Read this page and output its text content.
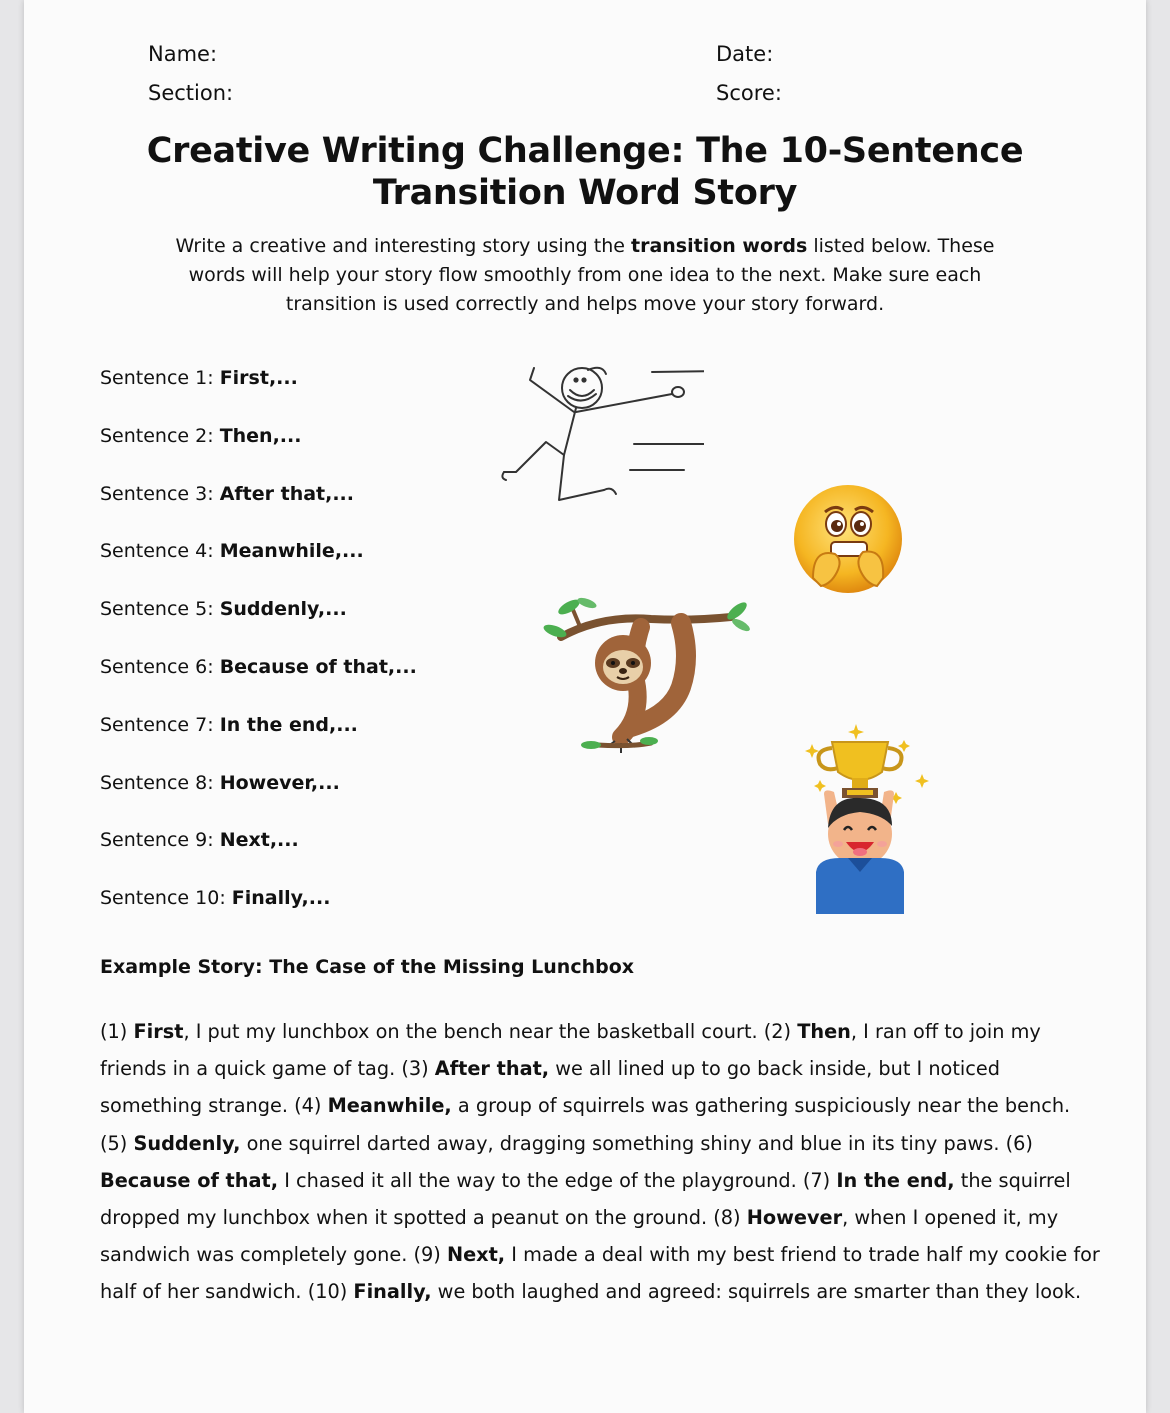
Name:	Date:
Section:	Score:
Creative Writing Challenge: The 10-Sentence
Transition Word Story
Write a creative and interesting story using the transition words listed below. These words will help your story flow smoothly from one idea to the next. Make sure each transition is used correctly and helps move your story forward.
Sentence 1: First,...
Sentence 2: Then,...
Sentence 3: After that,...
Sentence 4: Meanwhile,...
Sentence 5: Suddenly,...
Sentence 6: Because of that,...
Sentence 7: In the end,...
Sentence 8: However,...
Sentence 9: Next,...
Sentence 10: Finally,...
Example Story: The Case of the Missing Lunchbox
(1) First, I put my lunchbox on the bench near the basketball court. (2) Then, I ran off to join my friends in a quick game of tag. (3) After that, we all lined up to go back inside, but I noticed something strange. (4) Meanwhile, a group of squirrels was gathering suspiciously near the bench. (5) Suddenly, one squirrel darted away, dragging something shiny and blue in its tiny paws. (6) Because of that, I chased it all the way to the edge of the playground. (7) In the end, the squirrel dropped my lunchbox when it spotted a peanut on the ground. (8) However, when I opened it, my sandwich was completely gone. (9) Next, I made a deal with my best friend to trade half my cookie for half of her sandwich. (10) Finally, we both laughed and agreed: squirrels are smarter than they look.
